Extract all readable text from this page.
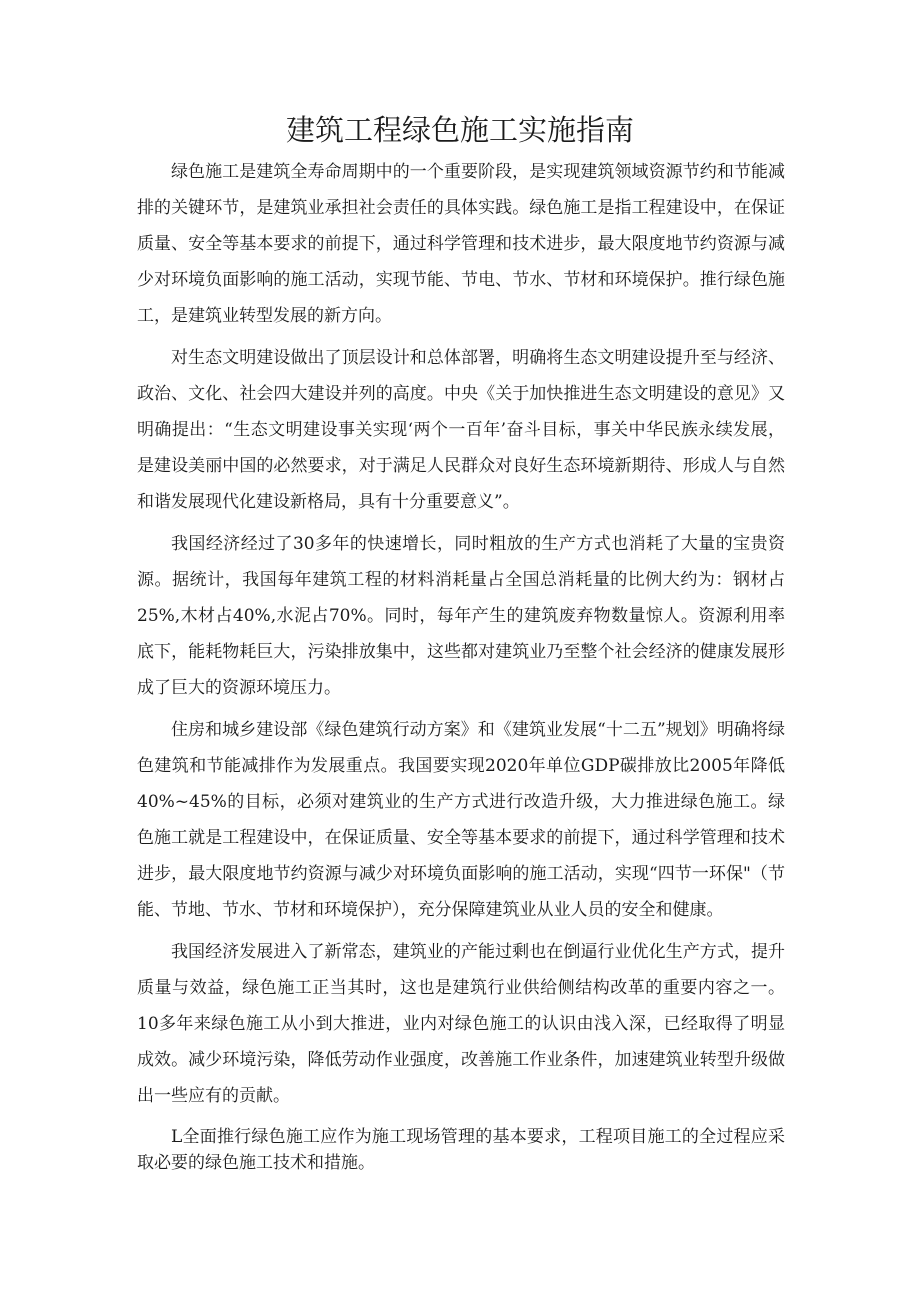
建筑工程绿色施工实施指南

绿色施工是建筑全寿命周期中的一个重要阶段，是实现建筑领域资源节约和节能减排的关键环节，是建筑业承担社会责任的具体实践。绿色施工是指工程建设中，在保证质量、安全等基本要求的前提下，通过科学管理和技术进步，最大限度地节约资源与减少对环境负面影响的施工活动，实现节能、节电、节水、节材和环境保护。推行绿色施工，是建筑业转型发展的新方向。

对生态文明建设做出了顶层设计和总体部署，明确将生态文明建设提升至与经济、政治、文化、社会四大建设并列的高度。中央《关于加快推进生态文明建设的意见》又明确提出：“生态文明建设事关实现‘两个一百年’奋斗目标，事关中华民族永续发展，是建设美丽中国的必然要求，对于满足人民群众对良好生态环境新期待、形成人与自然和谐发展现代化建设新格局，具有十分重要意义”。

我国经济经过了30多年的快速增长，同时粗放的生产方式也消耗了大量的宝贵资源。据统计，我国每年建筑工程的材料消耗量占全国总消耗量的比例大约为：钢材占25%,木材占40%,水泥占70%。同时，每年产生的建筑废弃物数量惊人。资源利用率底下，能耗物耗巨大，污染排放集中，这些都对建筑业乃至整个社会经济的健康发展形成了巨大的资源环境压力。

住房和城乡建设部《绿色建筑行动方案》和《建筑业发展“十二五”规划》明确将绿色建筑和节能减排作为发展重点。我国要实现2020年单位GDP碳排放比2005年降低40%~45%的目标，必须对建筑业的生产方式进行改造升级，大力推进绿色施工。绿色施工就是工程建设中，在保证质量、安全等基本要求的前提下，通过科学管理和技术进步，最大限度地节约资源与减少对环境负面影响的施工活动，实现“四节一环保"（节能、节地、节水、节材和环境保护），充分保障建筑业从业人员的安全和健康。

我国经济发展进入了新常态，建筑业的产能过剩也在倒逼行业优化生产方式，提升质量与效益，绿色施工正当其时，这也是建筑行业供给侧结构改革的重要内容之一。10多年来绿色施工从小到大推进，业内对绿色施工的认识由浅入深，已经取得了明显成效。减少环境污染，降低劳动作业强度，改善施工作业条件，加速建筑业转型升级做出一些应有的贡献。

L全面推行绿色施工应作为施工现场管理的基本要求，工程项目施工的全过程应采取必要的绿色施工技术和措施。
